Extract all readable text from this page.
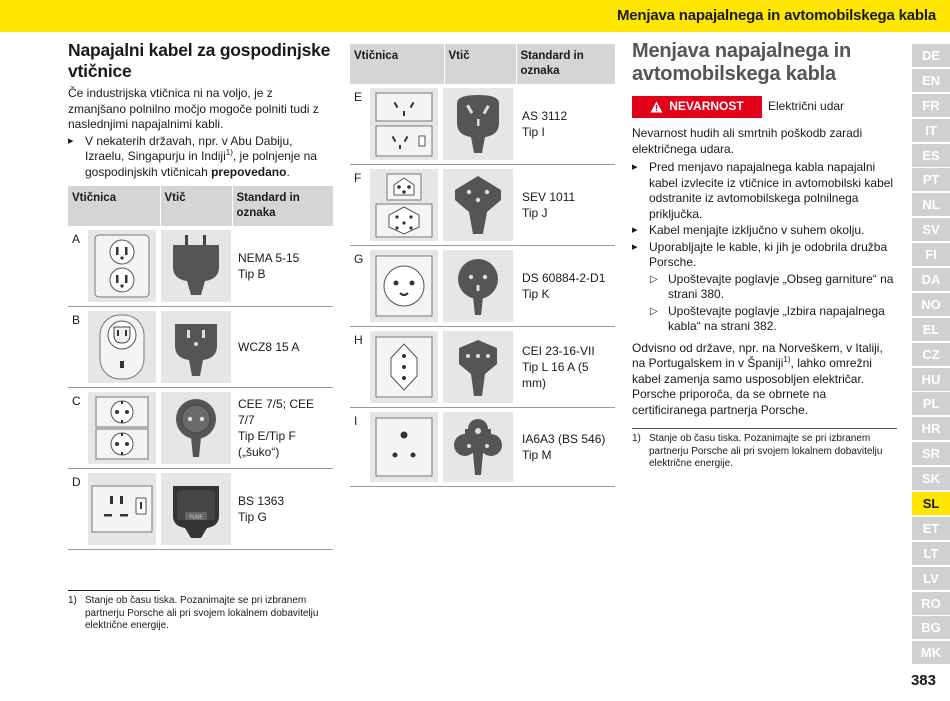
Menjava napajalnega in avtomobilskega kabla
Napajalni kabel za gospodinjske vtičnice

Če industrijska vtičnica ni na voljo, je z zmanjšano polnilno močjo mogoče polniti tudi z naslednjimi napajalnimi kabli.

▸ V nekaterih državah, npr. v Abu Dabiju, Izraelu, Singapurju in Indiji$^{1)}$, je polnjenje na gospodinjskih vtičnicah prepovedano.
Vtičnica	Vtič	Standard in oznaka
A		NEMA 5-15
Tip B

B		WCZ8 15 A

C		CEE 7/5; CEE 7/7
Tip E/Tip F
(„šuko“)

D	FUSE	BS 1363
Tip G
1) Stanje ob času tiska. Pozanimajte se pri izbranem partnerju Porsche ali pri svojem lokalnem dobavitelju električne energije.
Vtičnica	Vtič	Standard in oznaka
E		AS 3112
Tip I

F		SEV 1011
Tip J

G		DS 60884-2-D1
Tip K

H		CEI 23-16-VII
Tip L 16 A (5 mm)

I		IA6A3 (BS 546)
Tip M
Menjava napajalnega in avtomobilskega kabla
NEVARNOST Električni udar

Nevarnost hudih ali smrtnih poškodb zaradi električnega udara.

▸ Pred menjavo napajalnega kabla napajalni kabel izvlecite iz vtičnice in avtomobilski kabel odstranite iz avtomobilskega polnilnega priključka.
▸ Kabel menjajte izključno v suhem okolju.
▸ Uporabljajte le kable, ki jih je odobrila družba Porsche.
▷ Upoštevajte poglavje „Obseg garniture“ na strani 380.
▷ Upoštevajte poglavje „Izbira napajalnega kabla“ na strani 382.

Odvisno od države, npr. na Norveškem, v Italiji, na Portugalskem in v Španiji$^{1)}$, lahko omrežni kabel zamenja samo usposobljen električar. Porsche priporoča, da se obrnete na certificiranega partnerja Porsche.

1) Stanje ob času tiska. Pozanimajte se pri izbranem partnerju Porsche ali pri svojem lokalnem dobavitelju električne energije.
DE
EN
FR
IT
ES
PT
NL
SV
FI
DA
NO
EL
CZ
HU
PL
HR
SR
SK
SL
ET
LT
LV
RO
BG
MK
383
